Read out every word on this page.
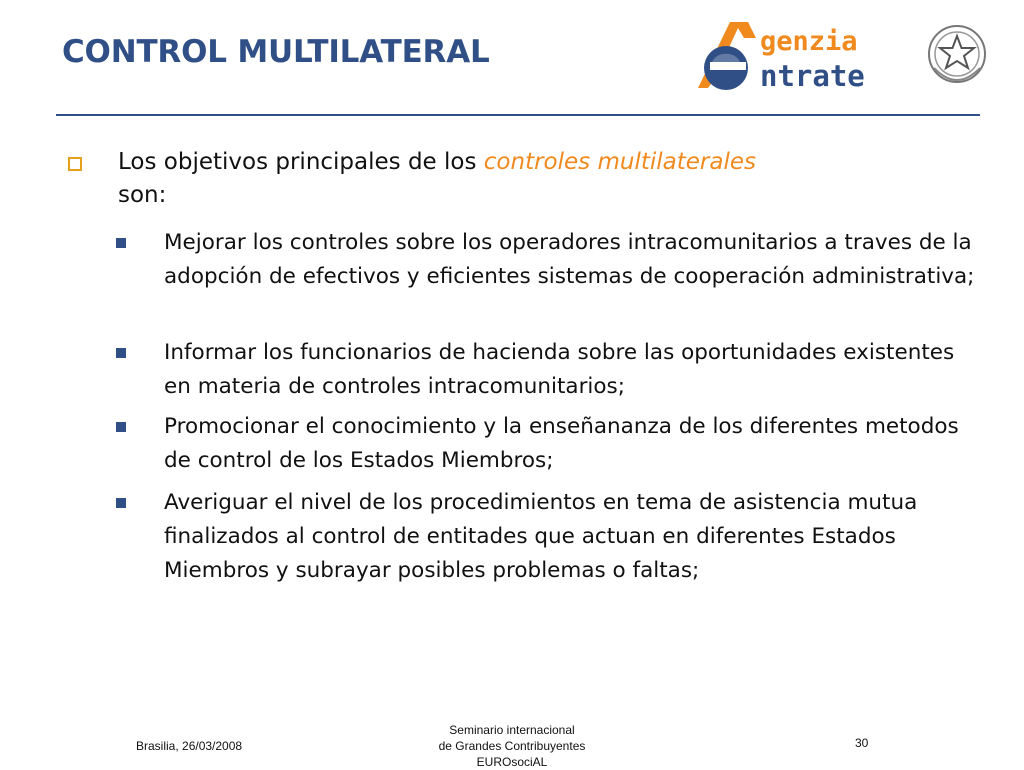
CONTROL MULTILATERAL	genzia
ntrate
Los objetivos principales de los controles multilaterales
son:
Mejorar los controles sobre los operadores intracomunitarios a traves de la adopción de efectivos y eficientes sistemas de cooperación administrativa;
Informar los funcionarios de hacienda sobre las oportunidades existentes en materia de controles intracomunitarios;
Promocionar el conocimiento y la enseñananza de los diferentes metodos de control de los Estados Miembros;
Averiguar el nivel de los procedimientos en tema de asistencia mutua finalizados al control de entitades que actuan en diferentes Estados Miembros y subrayar posibles problemas o faltas;
Brasilia, 26/03/2008
Seminario internacional
de Grandes Contribuyentes
EUROsociAL
30
